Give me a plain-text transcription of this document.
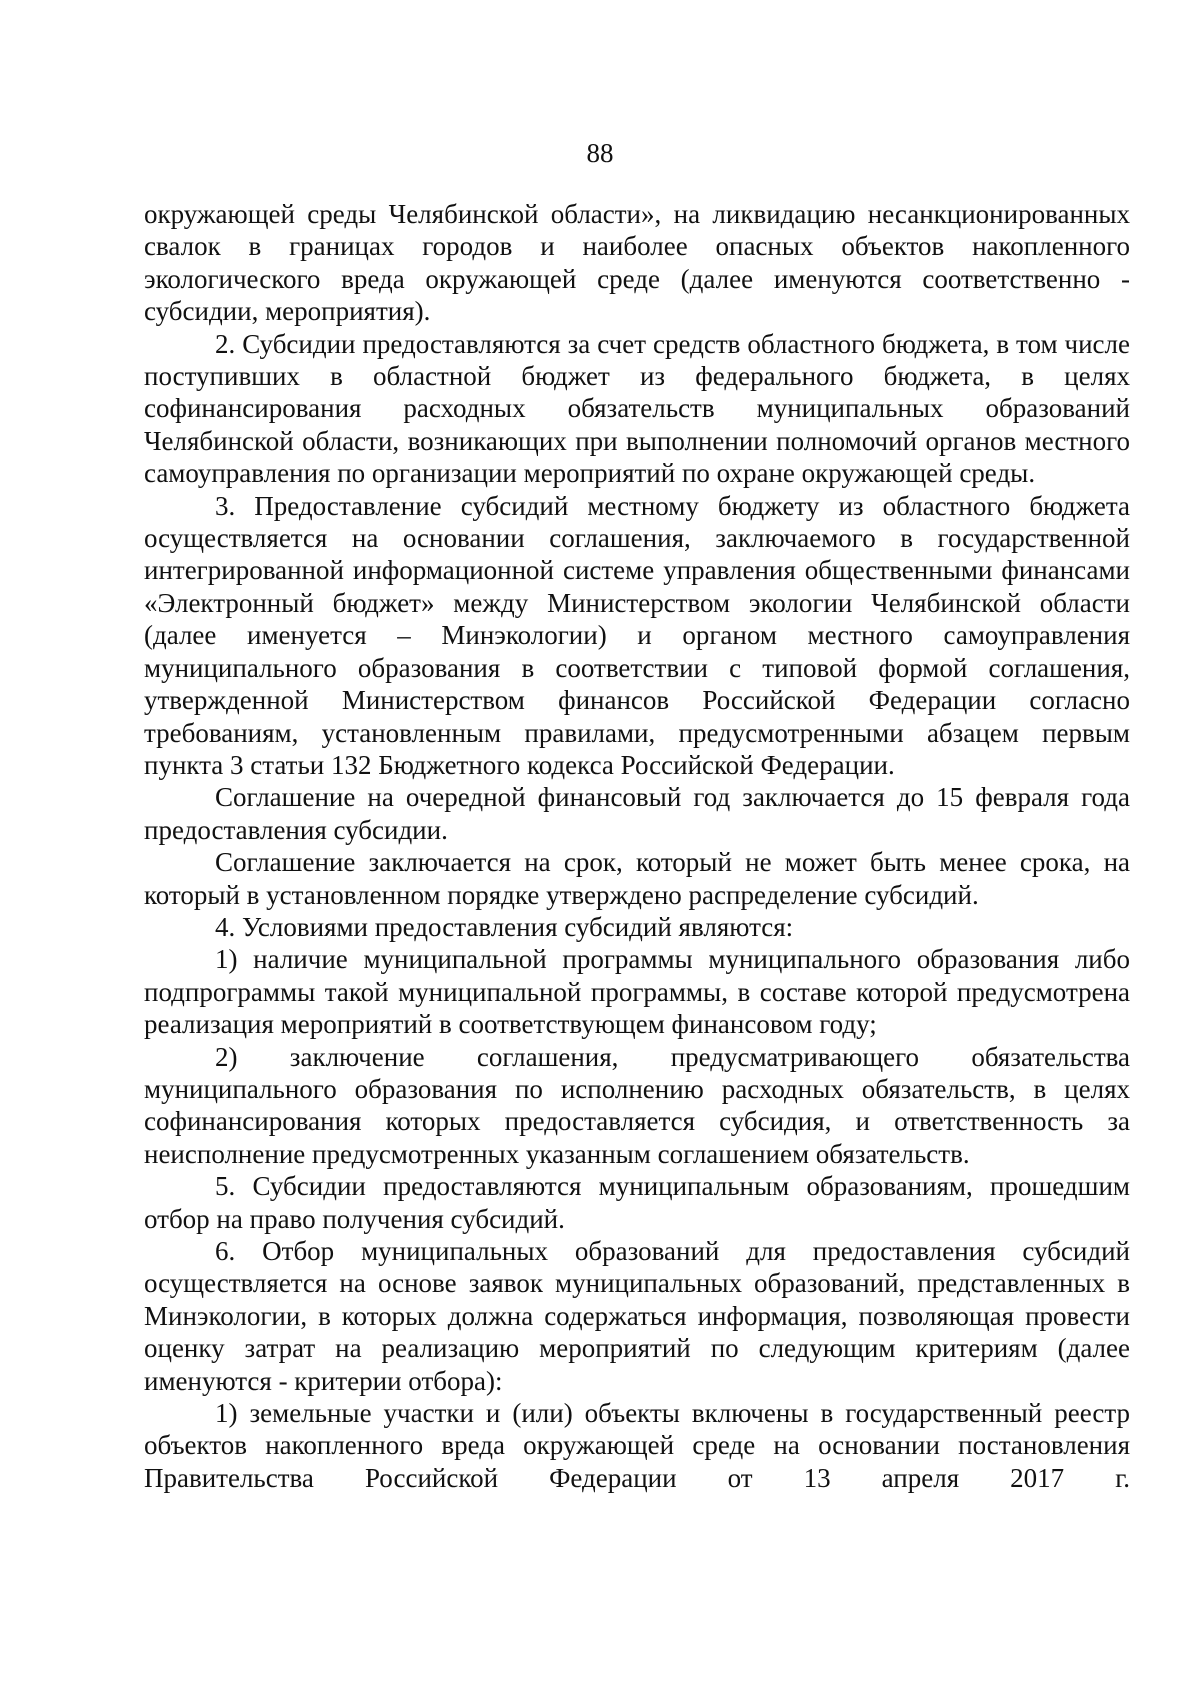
88

окружающей среды Челябинской области», на ликвидацию несанкционированных свалок в границах городов и наиболее опасных объектов накопленного экологического вреда окружающей среде (далее именуются соответственно - субсидии, мероприятия).

2. Субсидии предоставляются за счет средств областного бюджета, в том числе поступивших в областной бюджет из федерального бюджета, в целях софинансирования расходных обязательств муниципальных образований Челябинской области, возникающих при выполнении полномочий органов местного самоуправления по организации мероприятий по охране окружающей среды.

3. Предоставление субсидий местному бюджету из областного бюджета осуществляется на основании соглашения, заключаемого в государственной интегрированной информационной системе управления общественными финансами «Электронный бюджет» между Министерством экологии Челябинской области (далее именуется – Минэкологии) и органом местного самоуправления муниципального образования в соответствии с типовой формой соглашения, утвержденной Министерством финансов Российской Федерации согласно требованиям, установленным правилами, предусмотренными абзацем первым пункта 3 статьи 132 Бюджетного кодекса Российской Федерации.

Соглашение на очередной финансовый год заключается до 15 февраля года предоставления субсидии.

Соглашение заключается на срок, который не может быть менее срока, на который в установленном порядке утверждено распределение субсидий.

4. Условиями предоставления субсидий являются:

1) наличие муниципальной программы муниципального образования либо подпрограммы такой муниципальной программы, в составе которой предусмотрена реализация мероприятий в соответствующем финансовом году;

2) заключение соглашения, предусматривающего обязательства муниципального образования по исполнению расходных обязательств, в целях софинансирования которых предоставляется субсидия, и ответственность за неисполнение предусмотренных указанным соглашением обязательств.

5. Субсидии предоставляются муниципальным образованиям, прошедшим отбор на право получения субсидий.

6. Отбор муниципальных образований для предоставления субсидий осуществляется на основе заявок муниципальных образований, представленных в Минэкологии, в которых должна содержаться информация, позволяющая провести оценку затрат на реализацию мероприятий по следующим критериям (далее именуются - критерии отбора):

1) земельные участки и (или) объекты включены в государственный реестр объектов накопленного вреда окружающей среде на основании постановления Правительства Российской Федерации от 13 апреля 2017 г.
